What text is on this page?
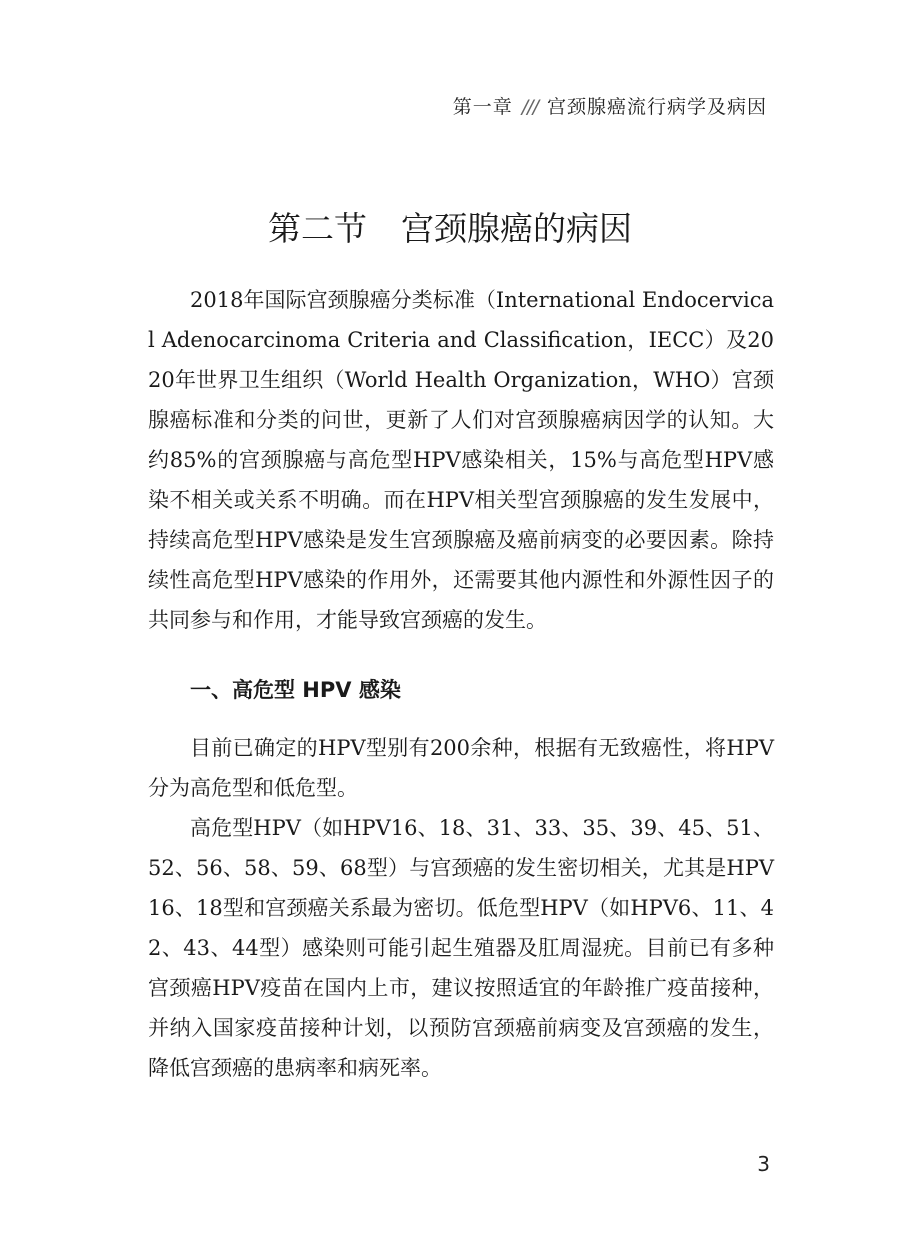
第一章 /// 宫颈腺癌流行病学及病因
第二节 宫颈腺癌的病因

2018年国际宫颈腺癌分类标准（International Endocervical Adenocarcinoma Criteria and Classification，IECC）及2020年世界卫生组织（World Health Organization，WHO）宫颈腺癌标准和分类的问世，更新了人们对宫颈腺癌病因学的认知。大约85%的宫颈腺癌与高危型HPV感染相关，15%与高危型HPV感染不相关或关系不明确。而在HPV相关型宫颈腺癌的发生发展中，持续高危型HPV感染是发生宫颈腺癌及癌前病变的必要因素。除持续性高危型HPV感染的作用外，还需要其他内源性和外源性因子的共同参与和作用，才能导致宫颈癌的发生。

一、高危型 HPV 感染

目前已确定的HPV型别有200余种，根据有无致癌性，将HPV分为高危型和低危型。

高危型HPV（如HPV16、18、31、33、35、39、45、51、52、56、58、59、68型）与宫颈癌的发生密切相关，尤其是HPV16、18型和宫颈癌关系最为密切。低危型HPV（如HPV6、11、42、43、44型）感染则可能引起生殖器及肛周湿疣。目前已有多种宫颈癌HPV疫苗在国内上市，建议按照适宜的年龄推广疫苗接种，并纳入国家疫苗接种计划，以预防宫颈癌前病变及宫颈癌的发生，降低宫颈癌的患病率和病死率。

3
